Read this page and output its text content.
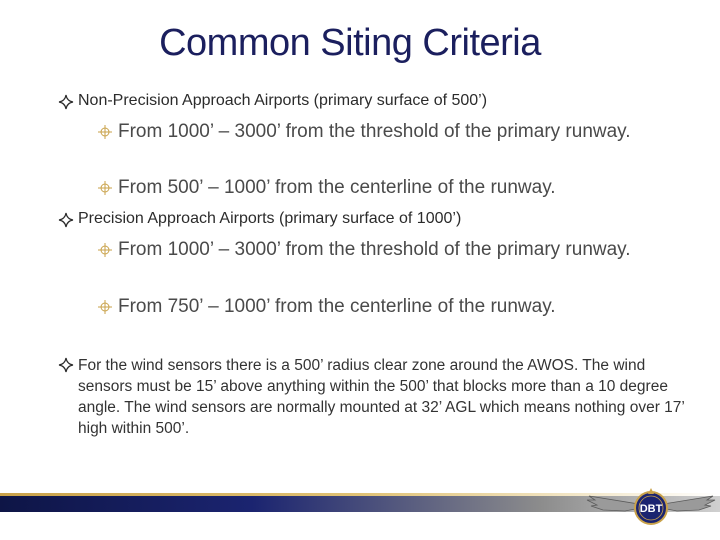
Common Siting Criteria
Non-Precision Approach Airports (primary surface of 500’)
From 1000’ – 3000’ from the threshold of the primary runway.
From 500’ – 1000’ from the centerline of the runway.
Precision Approach Airports (primary surface of 1000’)
From 1000’ – 3000’ from the threshold of the primary runway.
From 750’ – 1000’ from the centerline of the runway.
For the wind sensors there is a 500’ radius clear zone around the AWOS. The wind sensors must be 15’ above anything within the 500’ that blocks more than a 10 degree angle. The wind sensors are normally mounted at 32’ AGL which means nothing over 17’ high within 500’.
DBT
